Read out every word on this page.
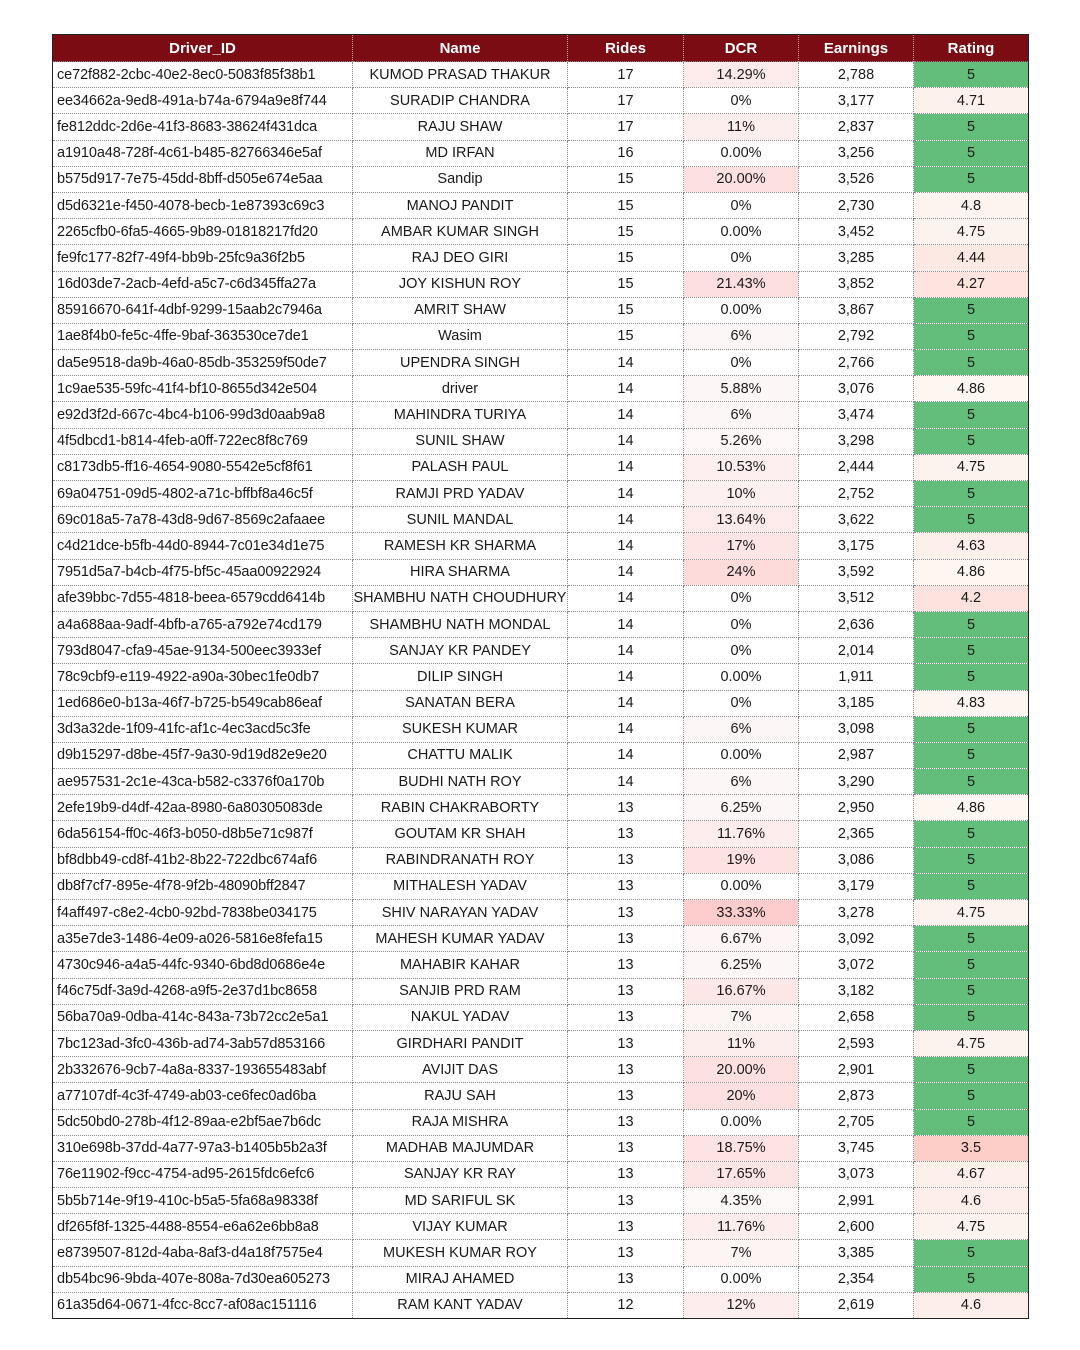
Driver_ID	Name	Rides	DCR	Earnings	Rating
ce72f882-2cbc-40e2-8ec0-5083f85f38b1	KUMOD PRASAD THAKUR	17	14.29%	2,788	5
ee34662a-9ed8-491a-b74a-6794a9e8f744	SURADIP CHANDRA	17	0%	3,177	4.71
fe812ddc-2d6e-41f3-8683-38624f431dca	RAJU SHAW	17	11%	2,837	5
a1910a48-728f-4c61-b485-82766346e5af	MD IRFAN	16	0.00%	3,256	5
b575d917-7e75-45dd-8bff-d505e674e5aa	Sandip	15	20.00%	3,526	5
d5d6321e-f450-4078-becb-1e87393c69c3	MANOJ PANDIT	15	0%	2,730	4.8
2265cfb0-6fa5-4665-9b89-01818217fd20	AMBAR KUMAR SINGH	15	0.00%	3,452	4.75
fe9fc177-82f7-49f4-bb9b-25fc9a36f2b5	RAJ DEO GIRI	15	0%	3,285	4.44
16d03de7-2acb-4efd-a5c7-c6d345ffa27a	JOY KISHUN ROY	15	21.43%	3,852	4.27
85916670-641f-4dbf-9299-15aab2c7946a	AMRIT SHAW	15	0.00%	3,867	5
1ae8f4b0-fe5c-4ffe-9baf-363530ce7de1	Wasim	15	6%	2,792	5
da5e9518-da9b-46a0-85db-353259f50de7	UPENDRA SINGH	14	0%	2,766	5
1c9ae535-59fc-41f4-bf10-8655d342e504	driver	14	5.88%	3,076	4.86
e92d3f2d-667c-4bc4-b106-99d3d0aab9a8	MAHINDRA TURIYA	14	6%	3,474	5
4f5dbcd1-b814-4feb-a0ff-722ec8f8c769	SUNIL SHAW	14	5.26%	3,298	5
c8173db5-ff16-4654-9080-5542e5cf8f61	PALASH PAUL	14	10.53%	2,444	4.75
69a04751-09d5-4802-a71c-bffbf8a46c5f	RAMJI PRD YADAV	14	10%	2,752	5
69c018a5-7a78-43d8-9d67-8569c2afaaee	SUNIL MANDAL	14	13.64%	3,622	5
c4d21dce-b5fb-44d0-8944-7c01e34d1e75	RAMESH KR SHARMA	14	17%	3,175	4.63
7951d5a7-b4cb-4f75-bf5c-45aa00922924	HIRA SHARMA	14	24%	3,592	4.86
afe39bbc-7d55-4818-beea-6579cdd6414b	SHAMBHU NATH CHOUDHURY	14	0%	3,512	4.2
a4a688aa-9adf-4bfb-a765-a792e74cd179	SHAMBHU NATH MONDAL	14	0%	2,636	5
793d8047-cfa9-45ae-9134-500eec3933ef	SANJAY KR PANDEY	14	0%	2,014	5
78c9cbf9-e119-4922-a90a-30bec1fe0db7	DILIP SINGH	14	0.00%	1,911	5
1ed686e0-b13a-46f7-b725-b549cab86eaf	SANATAN BERA	14	0%	3,185	4.83
3d3a32de-1f09-41fc-af1c-4ec3acd5c3fe	SUKESH KUMAR	14	6%	3,098	5
d9b15297-d8be-45f7-9a30-9d19d82e9e20	CHATTU MALIK	14	0.00%	2,987	5
ae957531-2c1e-43ca-b582-c3376f0a170b	BUDHI NATH ROY	14	6%	3,290	5
2efe19b9-d4df-42aa-8980-6a80305083de	RABIN CHAKRABORTY	13	6.25%	2,950	4.86
6da56154-ff0c-46f3-b050-d8b5e71c987f	GOUTAM KR SHAH	13	11.76%	2,365	5
bf8dbb49-cd8f-41b2-8b22-722dbc674af6	RABINDRANATH ROY	13	19%	3,086	5
db8f7cf7-895e-4f78-9f2b-48090bff2847	MITHALESH YADAV	13	0.00%	3,179	5
f4aff497-c8e2-4cb0-92bd-7838be034175	SHIV NARAYAN YADAV	13	33.33%	3,278	4.75
a35e7de3-1486-4e09-a026-5816e8fefa15	MAHESH KUMAR YADAV	13	6.67%	3,092	5
4730c946-a4a5-44fc-9340-6bd8d0686e4e	MAHABIR KAHAR	13	6.25%	3,072	5
f46c75df-3a9d-4268-a9f5-2e37d1bc8658	SANJIB PRD RAM	13	16.67%	3,182	5
56ba70a9-0dba-414c-843a-73b72cc2e5a1	NAKUL YADAV	13	7%	2,658	5
7bc123ad-3fc0-436b-ad74-3ab57d853166	GIRDHARI PANDIT	13	11%	2,593	4.75
2b332676-9cb7-4a8a-8337-193655483abf	AVIJIT DAS	13	20.00%	2,901	5
a77107df-4c3f-4749-ab03-ce6fec0ad6ba	RAJU SAH	13	20%	2,873	5
5dc50bd0-278b-4f12-89aa-e2bf5ae7b6dc	RAJA MISHRA	13	0.00%	2,705	5
310e698b-37dd-4a77-97a3-b1405b5b2a3f	MADHAB MAJUMDAR	13	18.75%	3,745	3.5
76e11902-f9cc-4754-ad95-2615fdc6efc6	SANJAY KR RAY	13	17.65%	3,073	4.67
5b5b714e-9f19-410c-b5a5-5fa68a98338f	MD SARIFUL SK	13	4.35%	2,991	4.6
df265f8f-1325-4488-8554-e6a62e6bb8a8	VIJAY KUMAR	13	11.76%	2,600	4.75
e8739507-812d-4aba-8af3-d4a18f7575e4	MUKESH KUMAR ROY	13	7%	3,385	5
db54bc96-9bda-407e-808a-7d30ea605273	MIRAJ AHAMED	13	0.00%	2,354	5
61a35d64-0671-4fcc-8cc7-af08ac151116	RAM KANT YADAV	12	12%	2,619	4.6
